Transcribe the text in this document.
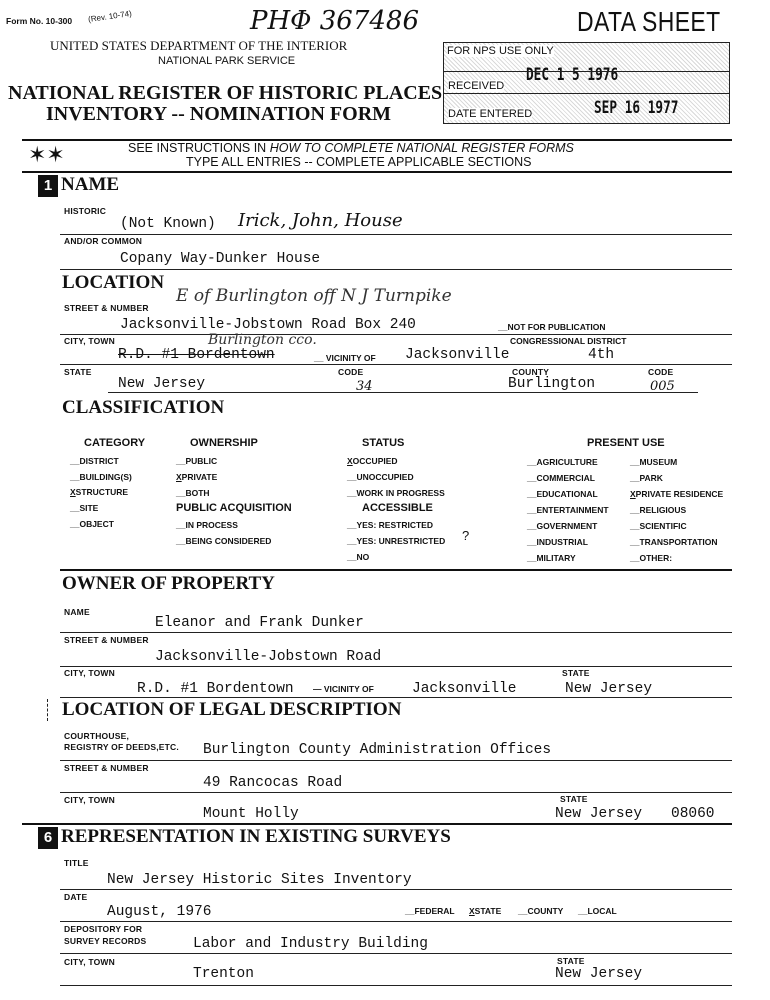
Form No. 10-300 (Rev. 10-74)	PHΦ 367486	DATA SHEET
UNITED STATES DEPARTMENT OF THE INTERIOR
NATIONAL PARK SERVICE
NATIONAL REGISTER OF HISTORIC PLACES
INVENTORY -- NOMINATION FORM
FOR NPS USE ONLY
RECEIVED
DEC 1 5 1976
DATE ENTERED	SEP 16 1977
✶✶	SEE INSTRUCTIONS IN HOW TO COMPLETE NATIONAL REGISTER FORMS
TYPE ALL ENTRIES -- COMPLETE APPLICABLE SECTIONS
1 NAME
HISTORIC
(Not Known) Irick, John, House
AND/OR COMMON
Copany Way-Dunker House
LOCATION
STREET & NUMBER
E of Burlington off N J Turnpike
Jacksonville-Jobstown Road Box 240	__NOT FOR PUBLICATION
CITY, TOWN	Burlington cco.
R.D. #1 Bordentown	__ VICINITY OF Jacksonville
CONGRESSIONAL DISTRICT
4th
STATE
New Jersey
CODE
34
COUNTY
Burlington
CODE
005
CLASSIFICATION
CATEGORY	OWNERSHIP	STATUS	PRESENT USE
__DISTRICT
__BUILDING(S)
XSTRUCTURE
__SITE
__OBJECT
__PUBLIC
XPRIVATE
__BOTH
PUBLIC ACQUISITION
__IN PROCESS
__BEING CONSIDERED
XOCCUPIED
__UNOCCUPIED
__WORK IN PROGRESS
ACCESSIBLE
__YES: RESTRICTED
__YES: UNRESTRICTED ?
__NO
__AGRICULTURE
__COMMERCIAL
__EDUCATIONAL
__ENTERTAINMENT
__GOVERNMENT
__INDUSTRIAL
__MILITARY
__MUSEUM
__PARK
XPRIVATE RESIDENCE
__RELIGIOUS
__SCIENTIFIC
__TRANSPORTATION
__OTHER:
OWNER OF PROPERTY
NAME
Eleanor and Frank Dunker
STREET & NUMBER
Jacksonville-Jobstown Road
CITY, TOWN	STATE
R.D. #1 Bordentown — VICINITY OF	Jacksonville	New Jersey
LOCATION OF LEGAL DESCRIPTION
COURTHOUSE,
REGISTRY OF DEEDS,ETC. Burlington County Administration Offices
STREET & NUMBER
49 Rancocas Road
CITY, TOWN	STATE
Mount Holly	New Jersey 08060
6 REPRESENTATION IN EXISTING SURVEYS
TITLE
New Jersey Historic Sites Inventory
DATE
August, 1976	__FEDERAL XSTATE __COUNTY __LOCAL
DEPOSITORY FOR
SURVEY RECORDS	Labor and Industry Building
CITY, TOWN	STATE
Trenton	New Jersey
